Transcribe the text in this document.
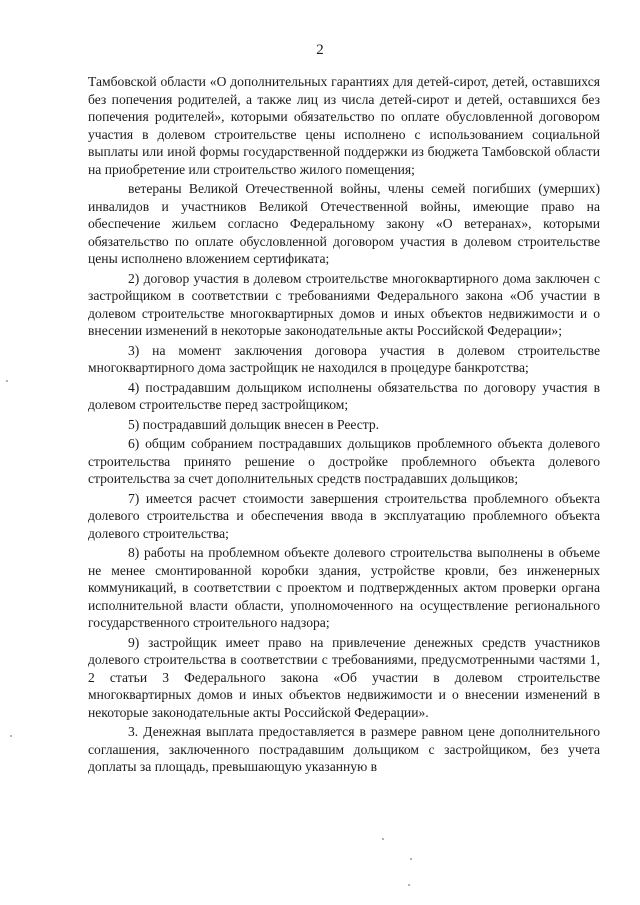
2

Тамбовской области «О дополнительных гарантиях для детей-сирот, детей, оставшихся без попечения родителей, а также лиц из числа детей-сирот и детей, оставшихся без попечения родителей», которыми обязательство по оплате обусловленной договором участия в долевом строительстве цены исполнено с использованием социальной выплаты или иной формы государственной поддержки из бюджета Тамбовской области на приобретение или строительство жилого помещения;

ветераны Великой Отечественной войны, члены семей погибших (умерших) инвалидов и участников Великой Отечественной войны, имеющие право на обеспечение жильем согласно Федеральному закону «О ветеранах», которыми обязательство по оплате обусловленной договором участия в долевом строительстве цены исполнено вложением сертификата;

2) договор участия в долевом строительстве многоквартирного дома заключен с застройщиком в соответствии с требованиями Федерального закона «Об участии в долевом строительстве многоквартирных домов и иных объектов недвижимости и о внесении изменений в некоторые законодательные акты Российской Федерации»;

3) на момент заключения договора участия в долевом строительстве многоквартирного дома застройщик не находился в процедуре банкротства;

4) пострадавшим дольщиком исполнены обязательства по договору участия в долевом строительстве перед застройщиком;

5) пострадавший дольщик внесен в Реестр.

6) общим собранием пострадавших дольщиков проблемного объекта долевого строительства принято решение о достройке проблемного объекта долевого строительства за счет дополнительных средств пострадавших дольщиков;

7) имеется расчет стоимости завершения строительства проблемного объекта долевого строительства и обеспечения ввода в эксплуатацию проблемного объекта долевого строительства;

8) работы на проблемном объекте долевого строительства выполнены в объеме не менее смонтированной коробки здания, устройстве кровли, без инженерных коммуникаций, в соответствии с проектом и подтвержденных актом проверки органа исполнительной власти области, уполномоченного на осуществление регионального государственного строительного надзора;

9) застройщик имеет право на привлечение денежных средств участников долевого строительства в соответствии с требованиями, предусмотренными частями 1, 2 статьи 3 Федерального закона «Об участии в долевом строительстве многоквартирных домов и иных объектов недвижимости и о внесении изменений в некоторые законодательные акты Российской Федерации».

3. Денежная выплата предоставляется в размере равном цене дополнительного соглашения, заключенного пострадавшим дольщиком с застройщиком, без учета доплаты за площадь, превышающую указанную в
